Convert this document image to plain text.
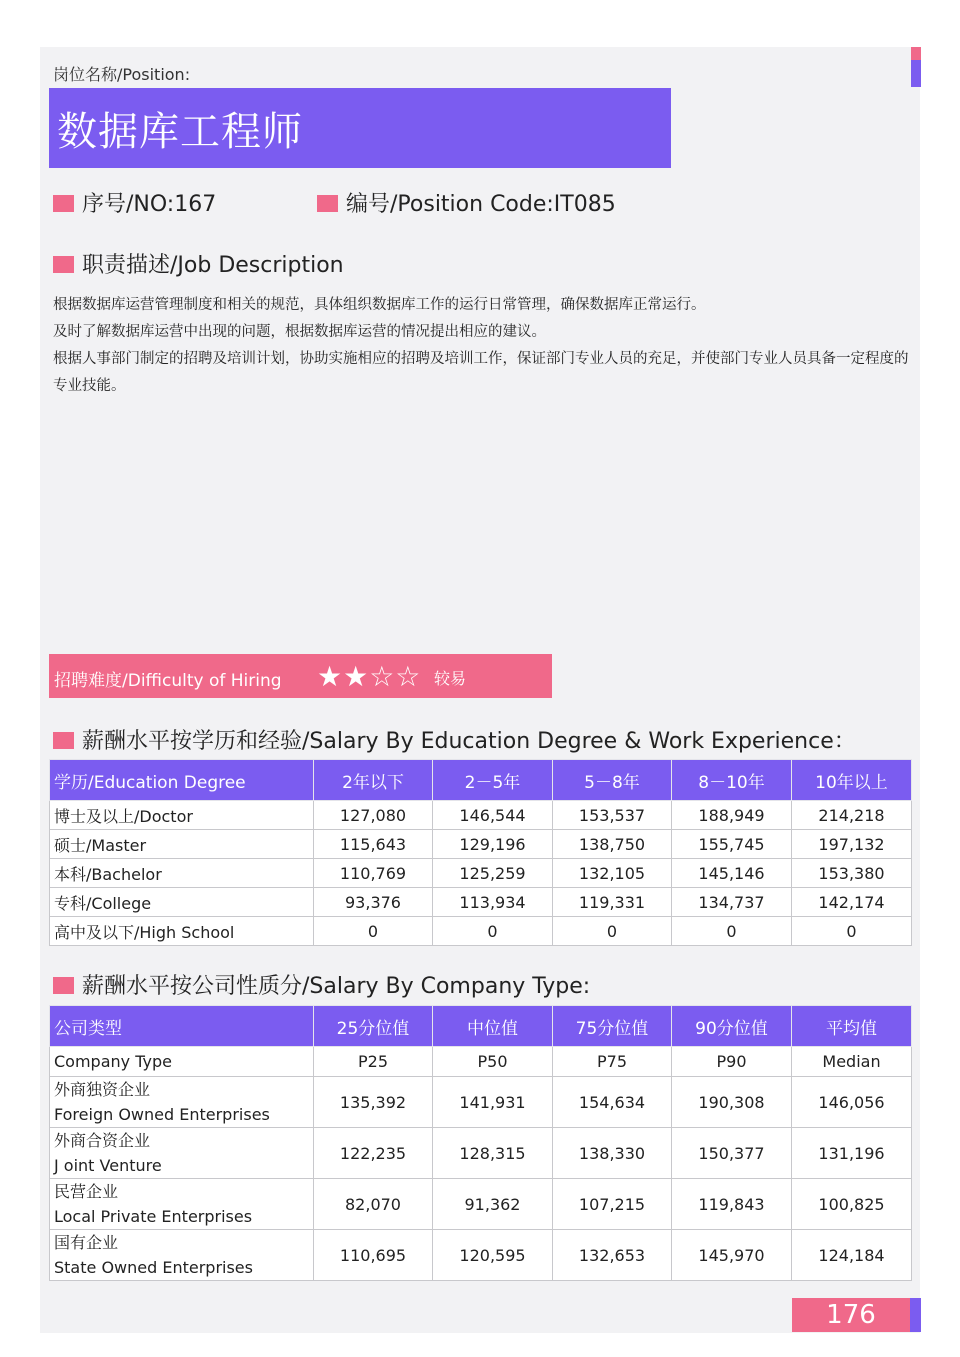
岗位名称/Position:
数据库工程师
序号/NO:167	编号/Position Code:IT085
职责描述/Job Description

根据数据库运营管理制度和相关的规范，具体组织数据库工作的运行日常管理，确保数据库正常运行。

及时了解数据库运营中出现的问题，根据数据库运营的情况提出相应的建议。

根据人事部门制定的招聘及培训计划，协助实施相应的招聘及培训工作，保证部门专业人员的充足，并使部门专业人员具备一定程度的专业技能。

招聘难度/Difficulty of Hiring ★★☆☆ 较易
薪酬水平按学历和经验/Salary By Education Degree & Work Experience：
学历/Education Degree	2年以下	2－5年	5－8年	8－10年	10年以上
博士及以上/Doctor	127,080	146,544	153,537	188,949	214,218
硕士/Master	115,643	129,196	138,750	155,745	197,132
本科/Bachelor	110,769	125,259	132,105	145,146	153,380
专科/College	93,376	113,934	119,331	134,737	142,174
高中及以下/High School	0	0	0	0	0
薪酬水平按公司性质分/Salary By Company Type:
公司类型	25分位值	中位值	75分位值	90分位值	平均值
Company Type	P25	P50	P75	P90	Median

外商独资企业
Foreign Owned Enterprises	135,392	141,931	154,634	190,308	146,056

外商合资企业
J oint Venture	122,235	128,315	138,330	150,377	131,196

民营企业
Local Private Enterprises	82,070	91,362	107,215	119,843	100,825

国有企业
State Owned Enterprises	110,695	120,595	132,653	145,970	124,184
176
